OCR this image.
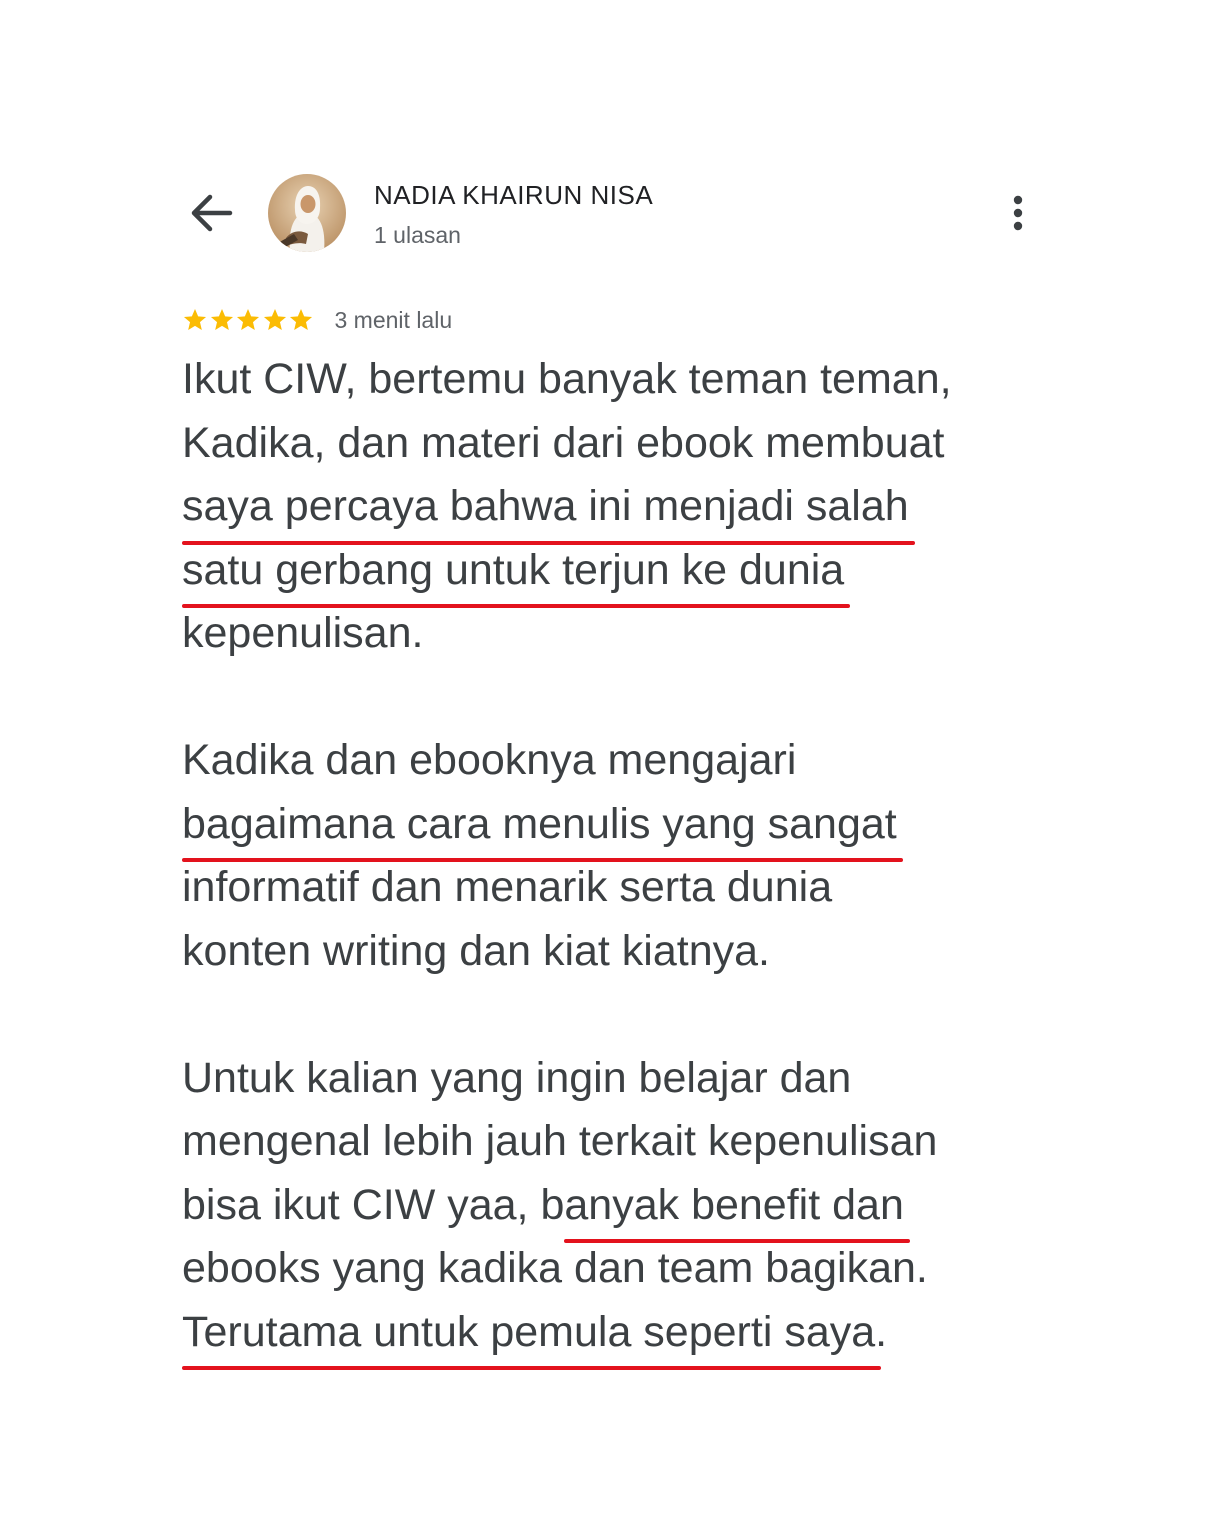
NADIA KHAIRUN NISA
1 ulasan
3 menit lalu
Ikut CIW, bertemu banyak teman teman,
Kadika, dan materi dari ebook membuat
saya percaya bahwa ini menjadi salah
satu gerbang untuk terjun ke dunia
kepenulisan.
Kadika dan ebooknya mengajari
bagaimana cara menulis yang sangat
informatif dan menarik serta dunia
konten writing dan kiat kiatnya.
Untuk kalian yang ingin belajar dan
mengenal lebih jauh terkait kepenulisan
bisa ikut CIW yaa, banyak benefit dan
ebooks yang kadika dan team bagikan.
Terutama untuk pemula seperti saya.
